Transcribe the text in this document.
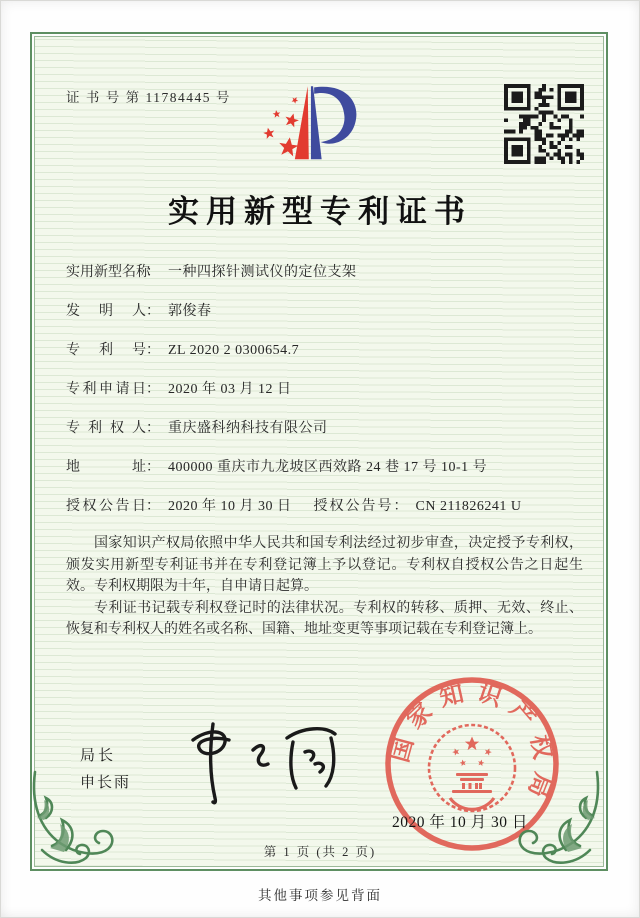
证 书 号 第 11784445 号
实用新型专利证书
实用新型名称： 一种四探针测试仪的定位支架
发明人： 郭俊春
专利号： ZL 2020 2 0300654.7
专利申请日： 2020 年 03 月 12 日
专利权人： 重庆盛科纳科技有限公司
地址： 400000 重庆市九龙坡区西效路 24 巷 17 号 10-1 号
授权公告日： 2020 年 10 月 30 日 授权公告号： CN 211826241 U

国家知识产权局依照中华人民共和国专利法经过初步审查，决定授予专利权，颁发实用新型专利证书并在专利登记簿上予以登记。专利权自授权公告之日起生效。专利权期限为十年，自申请日起算。

专利证书记载专利权登记时的法律状况。专利权的转移、质押、无效、终止、恢复和专利权人的姓名或名称、国籍、地址变更等事项记载在专利登记簿上。

局长
申长雨
国家知识产权局
2020 年 10 月 30 日
第 1 页 (共 2 页)
其他事项参见背面
